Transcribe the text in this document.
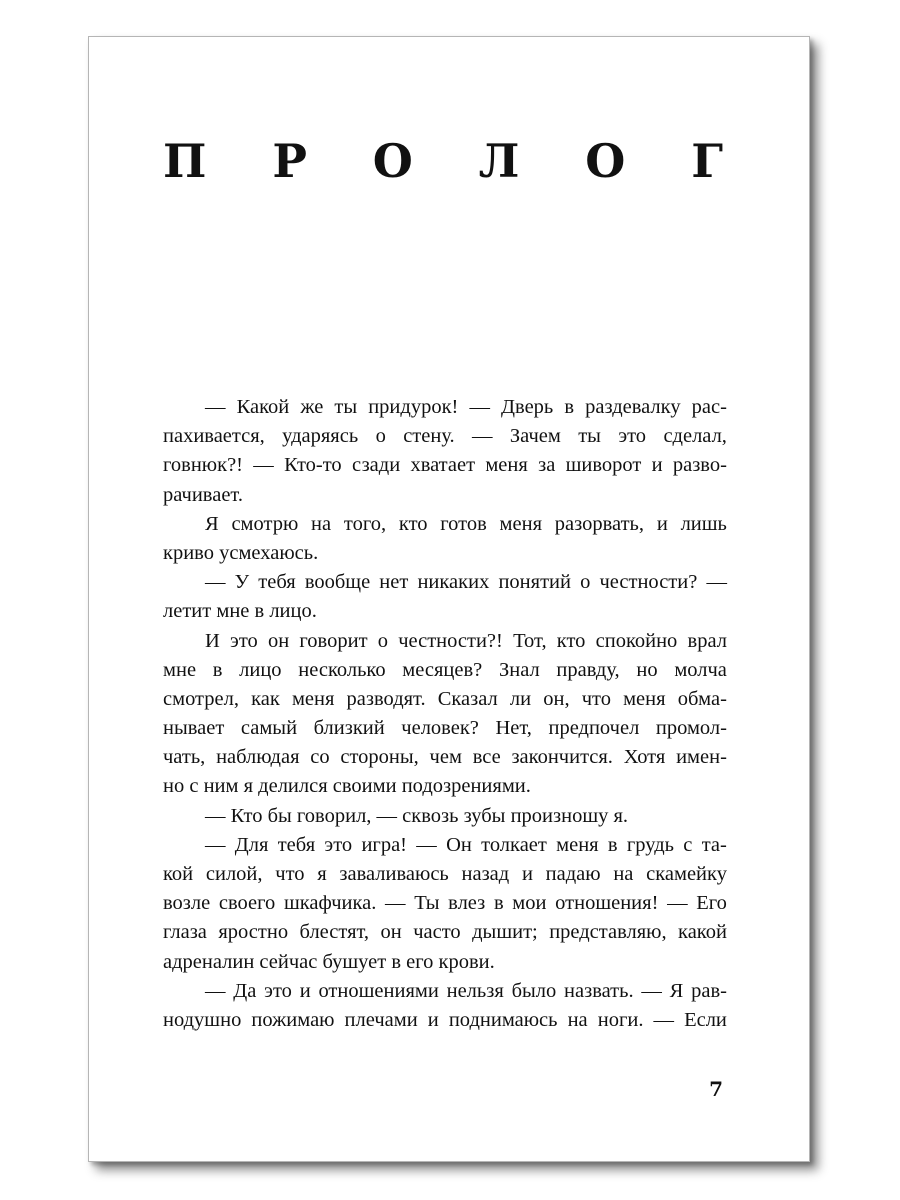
П Р О Л О Г
— Какой же ты придурок! — Дверь в раздевалку рас-
пахивается, ударяясь о стену. — Зачем ты это сделал,
говнюк?! — Кто-то сзади хватает меня за шиворот и разво-
рачивает.
Я смотрю на того, кто готов меня разорвать, и лишь
криво усмехаюсь.
— У тебя вообще нет никаких понятий о честности? —
летит мне в лицо.
И это он говорит о честности?! Тот, кто спокойно врал
мне в лицо несколько месяцев? Знал правду, но молча
смотрел, как меня разводят. Сказал ли он, что меня обма-
нывает самый близкий человек? Нет, предпочел промол-
чать, наблюдая со стороны, чем все закончится. Хотя имен-
но с ним я делился своими подозрениями.
— Кто бы говорил, — сквозь зубы произношу я.
— Для тебя это игра! — Он толкает меня в грудь с та-
кой силой, что я заваливаюсь назад и падаю на скамейку
возле своего шкафчика. — Ты влез в мои отношения! — Его
глаза яростно блестят, он часто дышит; представляю, какой
адреналин сейчас бушует в его крови.
— Да это и отношениями нельзя было назвать. — Я рав-
нодушно пожимаю плечами и поднимаюсь на ноги. — Если
7
